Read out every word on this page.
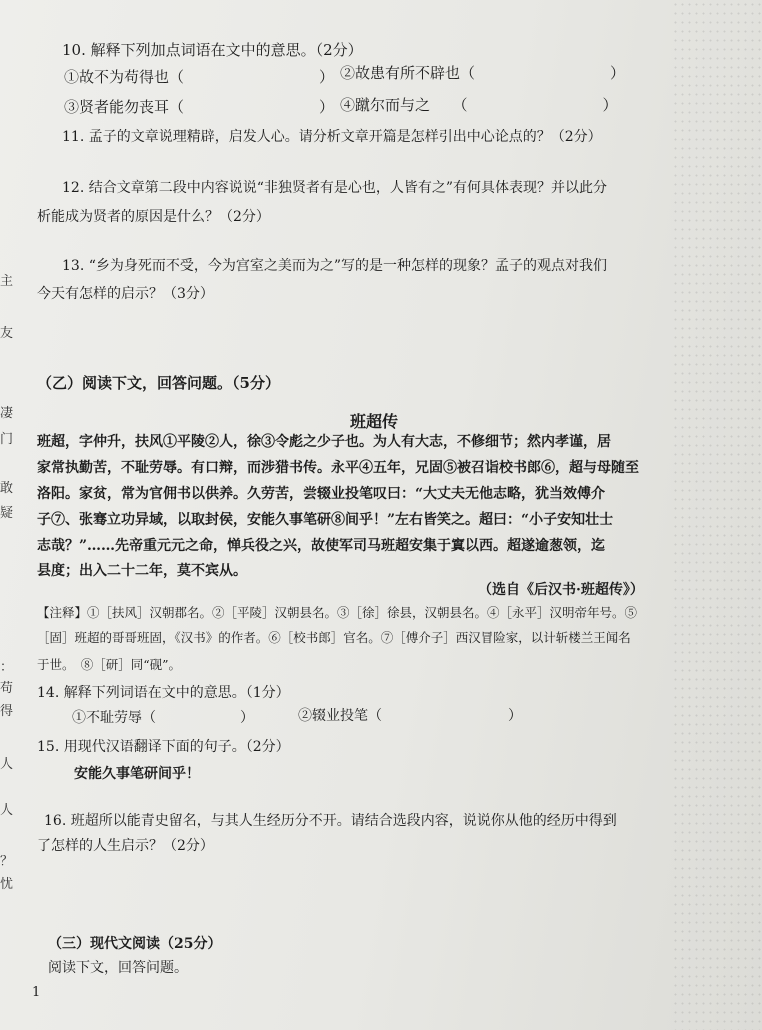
10. 解释下列加点词语在文中的意思。（2分）
①故不为苟得也（　　　　　　　　　） ②故患有所不辟也（　　　　　　　　　）
③贤者能勿丧耳（　　　　　　　　　） ④蹴尔而与之　　（　　　　　　　　　）
11. 孟子的文章说理精辟，启发人心。请分析文章开篇是怎样引出中心论点的？（2分）
12. 结合文章第二段中内容说说“非独贤者有是心也，人皆有之”有何具体表现？并以此分
析能成为贤者的原因是什么？（2分）
13. “乡为身死而不受，今为宫室之美而为之”写的是一种怎样的现象？孟子的观点对我们
今天有怎样的启示？（3分）
（乙）阅读下文，回答问题。（5分）
班超传
班超，字仲升，扶风①平陵②人，徐③令彪之少子也。为人有大志，不修细节；然内孝谨，居
家常执勤苦，不耻劳辱。有口辩，而涉猎书传。永平④五年，兄固⑤被召诣校书郎⑥，超与母随至
洛阳。家贫，常为官佣书以供养。久劳苦，尝辍业投笔叹曰：“大丈夫无他志略，犹当效傅介
子⑦、张骞立功异域，以取封侯，安能久事笔研⑧间乎！”左右皆笑之。超曰：“小子安知壮士
志哉？”……先帝重元元之命，惮兵役之兴，故使军司马班超安集于窴以西。超遂逾葱领，迄
县度；出入二十二年，莫不宾从。
（选自《后汉书·班超传》）
【注释】①［扶风］汉朝郡名。②［平陵］汉朝县名。③［徐］徐县，汉朝县名。④［永平］汉明帝年号。⑤
［固］班超的哥哥班固，《汉书》的作者。⑥［校书郎］官名。⑦［傅介子］西汉冒险家，以计斩楼兰王闻名
于世。　⑧［研］同“砚”。
14. 解释下列词语在文中的意思。（1分）
①不耻劳辱（　　　　　　）	②辍业投笔（　　　　　　　　　）
15. 用现代汉语翻译下面的句子。（2分）
安能久事笔研间乎！
16. 班超所以能青史留名，与其人生经历分不开。请结合选段内容，说说你从他的经历中得到
了怎样的人生启示？（2分）
（三）现代文阅读（25分）
阅读下文，回答问题。
1
主
友
凄
门
敢
疑
：
苟
得
人
人
？
忧
